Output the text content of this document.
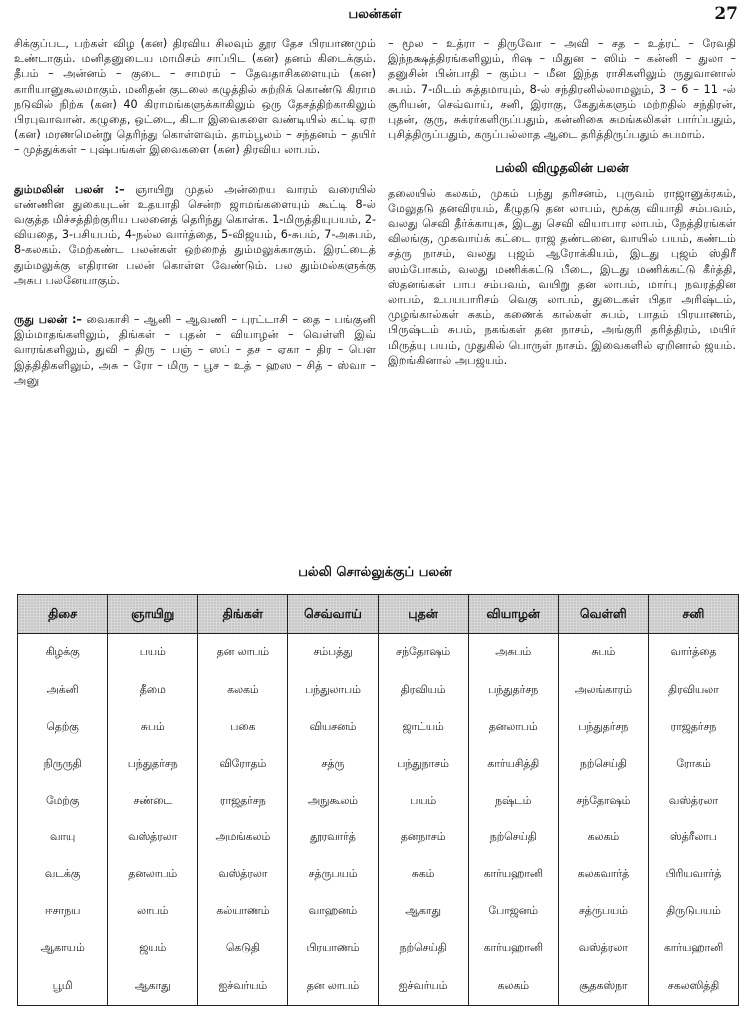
பலன்கள்	27

சிக்குப்பட, பற்கள் விழ (கன) திரவிய சிலவும் தூர தேச பிரயாணமும் உண்டாகும். மனிதனுடைய மாமிசம் சாப்பிட (கன) தனம் கிடைக்கும். தீபம் – அன்னம் – குடை – சாமரம் – தேவதாசிகளையும் (கன) காரியானுகூலமாகும். மனிதன் குடலை கழுத்தில் சுற்றிக் கொண்டு கிராம நடுவில் நிற்க (கன) 40 கிராமங்களுக்காகிலும் ஒரு தேசத்திற்காகிலும் பிரபுவாவான். கழுதை, ஒட்டை, கிடா இவைகளை வண்டியில் கட்டி ஏற (கன) மரணமென்று தெரிந்து கொள்ளவும். தாம்பூலம் – சந்தனம் – தயிர் – முத்துக்கள் – புஷ்பங்கள் இவைகளை (கன) திரவிய லாபம்.

தும்மலின் பலன் :– ஞாயிறு முதல் அன்றைய வாரம் வரையில் எண்ணின துகையுடன் உதயாதி சென்ற ஜாமங்களையும் கூட்டி 8-ல் வகுத்த மிச்சத்திற்குரிய பலனைத் தெரிந்து கொள்க. 1-மிருத்தியுபயம், 2-வியதை, 3-பசியபம், 4-நல்ல வார்த்தை, 5-விஜயம், 6-சுபம், 7-அசுபம், 8-கலகம். மேற்கண்ட பலன்கள் ஒற்றைத் தும்மலுக்காகும். இரட்டைத் தும்மலுக்கு எதிரான பலன் கொள்ள வேண்டும். பல தும்மல்களுக்கு அசுப பலனேயாகும்.

ருது பலன் :– வைகாசி – ஆனி – ஆவணி – புரட்டாசி – தை – பங்குனி இம்மாதங்களிலும், திங்கள் – புதன் – வியாழன் – வெள்ளி இவ் வாரங்களிலும், துவி – திரு – பஞ் – ஸப் – தச – ஏகா – திர – பௌ இத்திதிகளிலும், அசு – ரோ – மிரு – பூச – உத் – ஹஸ – சித் – ஸ்வா – அனு

– மூல – உத்ரா – திருவோ – அவி – சத – உத்ரட் – ரேவதி இந்நக்ஷத்திரங்களிலும், ரிஷ – மிதுன – ஸிம் – கன்னி – துலா – தனுசின் பின்பாதி – கும்ப – மீன இந்த ராசிகளிலும் ருதுவானால் சுபம். 7-மிடம் சுத்தமாயும், 8-ல் சந்திரனில்லாமலும், 3 – 6 – 11 -ல் சூரியன், செவ்வாய், சனி, இராகு, கேதுக்களும் மற்றதில் சந்திரன், புதன், குரு, சுக்ரர்களிருப்பதும், கன்னிகை சுமங்கலிகள் பார்ப்பதும், புசித்திருப்பதும், கருப்பல்லாத ஆடை தரித்திருப்பதும் சுபமாம்.

பல்லி விழுதலின் பலன்

தலையில் கலகம், முகம் பந்து தரிசனம், புருவம் ராஜானுக்ரகம், மேலுதடு தனவிரயம், கீழுதடு தன லாபம், மூக்கு வியாதி சம்பவம், வலது செவி தீர்க்காயுசு, இடது செவி வியாபார லாபம், நேத்திரங்கள் விலங்கு, முகவாய்க் கட்டை ராஜ தண்டனை, வாயில் பயம், கண்டம் சத்ரு நாசம், வலது புஜம் ஆரோக்கியம், இடது புஜம் ஸ்திரீ ஸம்போகம், வலது மணிக்கட்டு பீடை, இடது மணிக்கட்டு கீர்த்தி, ஸ்தனங்கள் பாப சம்பவம், வயிறு தன லாபம், மார்பு நவரத்தின லாபம், உபயபாரிசம் வெகு லாபம், துடைகள் பிதா அரிஷ்டம், முழங்கால்கள் சுகம், கணைக் கால்கள் சுபம், பாதம் பிரயாணம், பிருஷ்டம் சுபம், நகங்கள் தன நாசம், அங்குரி தரித்திரம், மயிர் மிருத்யு பயம், முதுகில் பொருள் நாசம். இவைகளில் ஏறினால் ஜயம். இறங்கினால் அபஜயம்.

பல்லி சொல்லுக்குப் பலன்
திசை	ஞாயிறு	திங்கள்	செவ்வாய்	புதன்	வியாழன்	வெள்ளி	சனி
கிழக்கு	பயம்	தன லாபம்	சம்பத்து	சந்தோஷம்	அசுபம்	சுபம்	வார்த்தை
அக்னி	தீமை	கலகம்	பந்துலாபம்	திரவியம்	பந்துதர்சந	அலங்காரம்	திரவியலா
தெற்கு	சுபம்	பகை	வியசனம்	ஜாட்யம்	தனலாபம்	பந்துதர்சந	ராஜதர்சந
நிருருதி	பந்துதர்சந	விரோதம்	சத்ரு	பந்துநாசம்	கார்யசித்தி	நற்செய்தி	ரோகம்
மேற்கு	சண்டை	ராஜதர்சந	அநுகூலம்	பயம்	நஷ்டம்	சந்தோஷம்	வஸ்த்ரலா
வாயு	வஸ்த்ரலா	அமங்கலம்	தூரவார்த்	தனநாசம்	நற்செய்தி	கலகம்	ஸ்த்ரீலாப
வடக்கு	தனலாபம்	வஸ்த்ரலா	சத்ருபயம்	சுகம்	கார்யஹானி	கலகவார்த்	பிரியவார்த்
ஈசாநய	லாபம்	கல்யாணம்	வாஹனம்	ஆகாது	போஜனம்	சத்ருபயம்	திருடுபயம்
ஆகாயம்	ஜயம்	கெடுதி	பிரயாணம்	நற்செய்தி	கார்யஹானி	வஸ்த்ரலா	கார்யஹானி
பூமி	ஆகாது	ஐச்வர்யம்	தன லாபம்	ஐச்வர்யம்	கலகம்	சூதகஸ்நா	சகலஸித்தி
